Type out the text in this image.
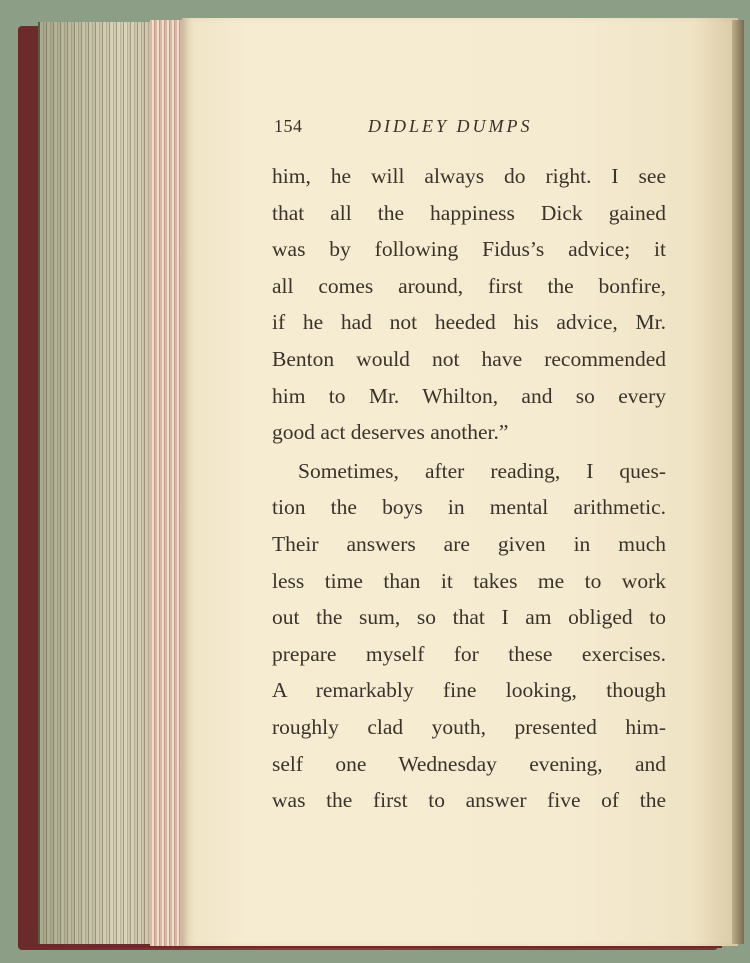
154	DIDLEY DUMPS
him, he will always do right. I see
that all the happiness Dick gained
was by following Fidus’s advice; it
all comes around, first the bonfire,
if he had not heeded his advice, Mr.
Benton would not have recommended
him to Mr. Whilton, and so every
good act deserves another.”
Sometimes, after reading, I ques-
tion the boys in mental arithmetic.
Their answers are given in much
less time than it takes me to work
out the sum, so that I am obliged to
prepare myself for these exercises.
A remarkably fine looking, though
roughly clad youth, presented him-
self one Wednesday evening, and
was the first to answer five of the
